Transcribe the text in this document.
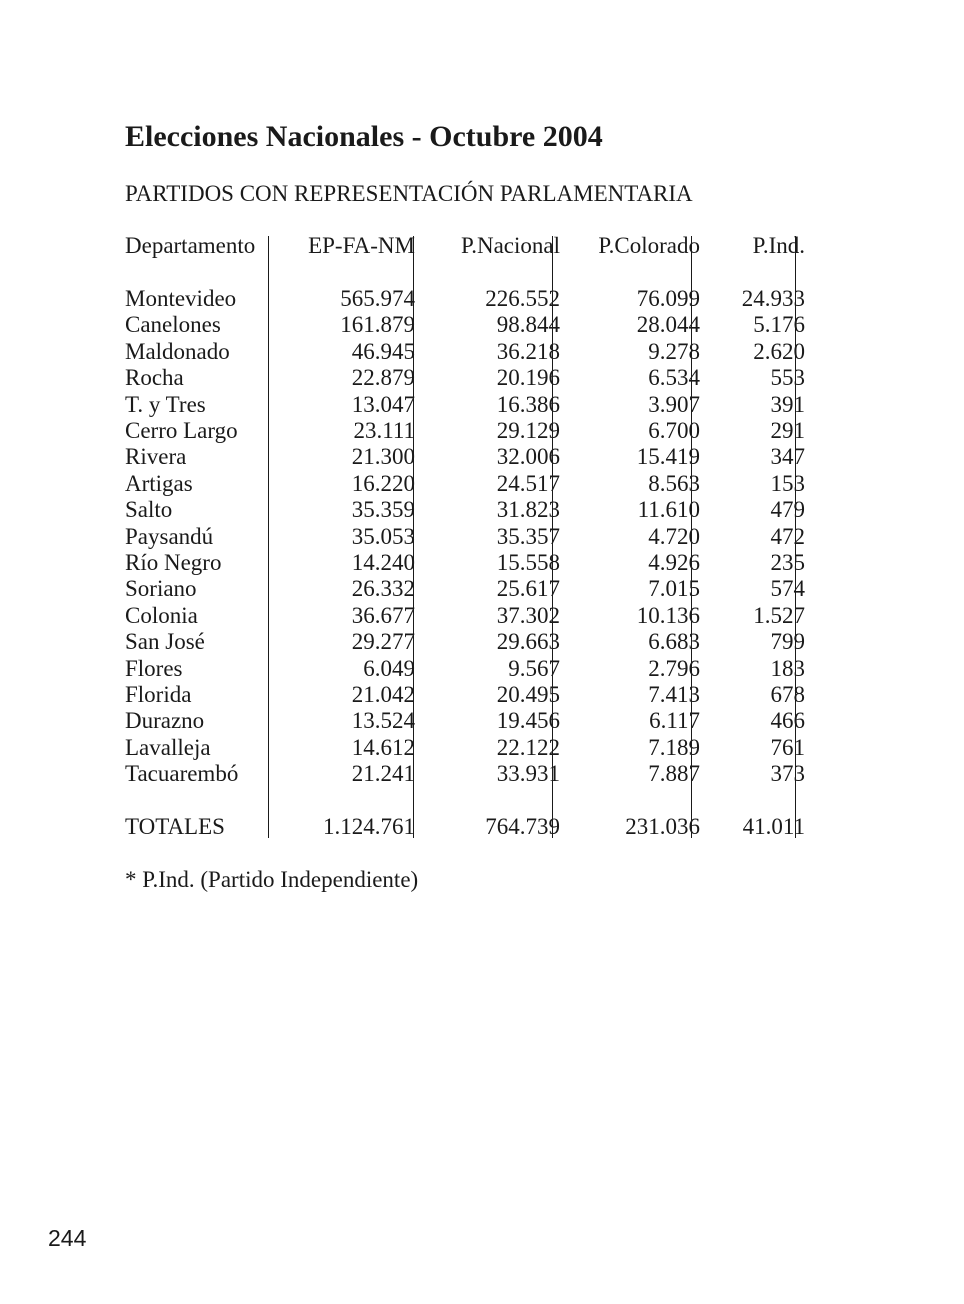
Elecciones Nacionales - Octubre 2004
PARTIDOS CON REPRESENTACIÓN PARLAMENTARIA
Departamento EP-FA-NM P.Nacional P.Colorado P.Ind.
Montevideo	565.974	226.552	76.099 24.933
Canelones	161.879	98.844	28.044 5.176
Maldonado	46.945	36.218	9.278 2.620
Rocha	22.879	20.196	6.534	553
T. y Tres	13.047	16.386	3.907	391
Cerro Largo	23.111	29.129	6.700	291
Rivera	21.300	32.006	15.419	347
Artigas	16.220	24.517	8.563	153
Salto	35.359	31.823	11.610	479
Paysandú	35.053	35.357	4.720	472
Río Negro	14.240	15.558	4.926	235
Soriano	26.332	25.617	7.015	574
Colonia	36.677	37.302	10.136 1.527
San José	29.277	29.663	6.683	799
Flores	6.049	9.567	2.796	183
Florida	21.042	20.495	7.413	678
Durazno	13.524	19.456	6.117	466
Lavalleja	14.612	22.122	7.189	761
Tacuarembó	21.241	33.931	7.887	373
TOTALES	1.124.761	764.739	231.036 41.011
* P.Ind. (Partido Independiente)
244
